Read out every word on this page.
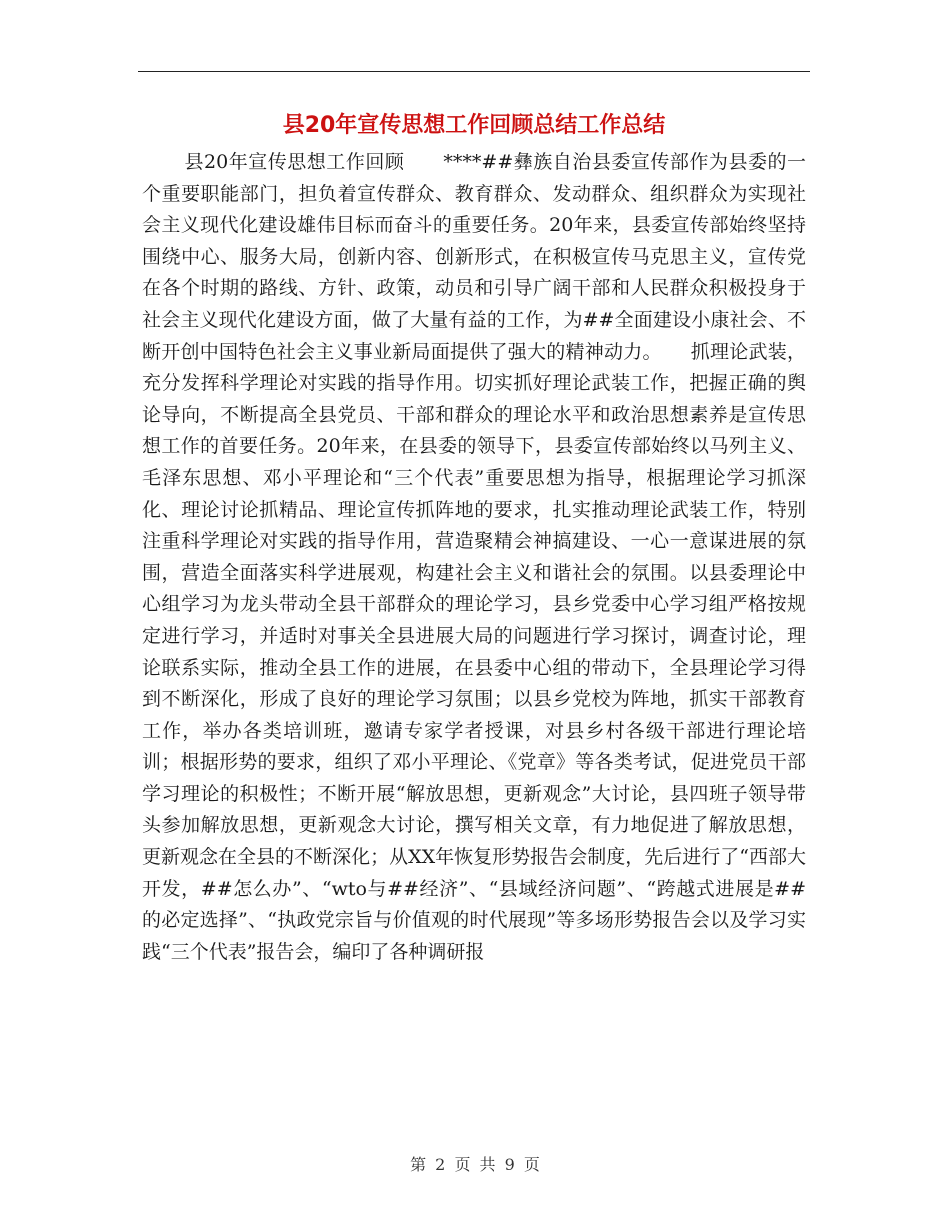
县20年宣传思想工作回顾总结工作总结

县20年宣传思想工作回顾　　****##彝族自治县委宣传部作为县委的一个重要职能部门，担负着宣传群众、教育群众、发动群众、组织群众为实现社会主义现代化建设雄伟目标而奋斗的重要任务。20年来，县委宣传部始终坚持围绕中心、服务大局，创新内容、创新形式，在积极宣传马克思主义，宣传党在各个时期的路线、方针、政策，动员和引导广阔干部和人民群众积极投身于社会主义现代化建设方面，做了大量有益的工作，为##全面建设小康社会、不断开创中国特色社会主义事业新局面提供了强大的精神动力。　　抓理论武装，充分发挥科学理论对实践的指导作用。切实抓好理论武装工作，把握正确的舆论导向，不断提高全县党员、干部和群众的理论水平和政治思想素养是宣传思想工作的首要任务。20年来，在县委的领导下，县委宣传部始终以马列主义、毛泽东思想、邓小平理论和“三个代表”重要思想为指导，根据理论学习抓深化、理论讨论抓精品、理论宣传抓阵地的要求，扎实推动理论武装工作，特别注重科学理论对实践的指导作用，营造聚精会神搞建设、一心一意谋进展的氛围，营造全面落实科学进展观，构建社会主义和谐社会的氛围。以县委理论中心组学习为龙头带动全县干部群众的理论学习，县乡党委中心学习组严格按规定进行学习，并适时对事关全县进展大局的问题进行学习探讨，调查讨论，理论联系实际，推动全县工作的进展，在县委中心组的带动下，全县理论学习得到不断深化，形成了良好的理论学习氛围；以县乡党校为阵地，抓实干部教育工作，举办各类培训班，邀请专家学者授课，对县乡村各级干部进行理论培训；根据形势的要求，组织了邓小平理论、《党章》等各类考试，促进党员干部学习理论的积极性；不断开展“解放思想，更新观念”大讨论，县四班子领导带头参加解放思想，更新观念大讨论，撰写相关文章，有力地促进了解放思想，更新观念在全县的不断深化；从XX年恢复形势报告会制度，先后进行了“西部大开发，##怎么办”、“wto与##经济”、“县域经济问题”、“跨越式进展是##的必定选择”、“执政党宗旨与价值观的时代展现”等多场形势报告会以及学习实践“三个代表”报告会，编印了各种调研报

第 2 页 共 9 页
